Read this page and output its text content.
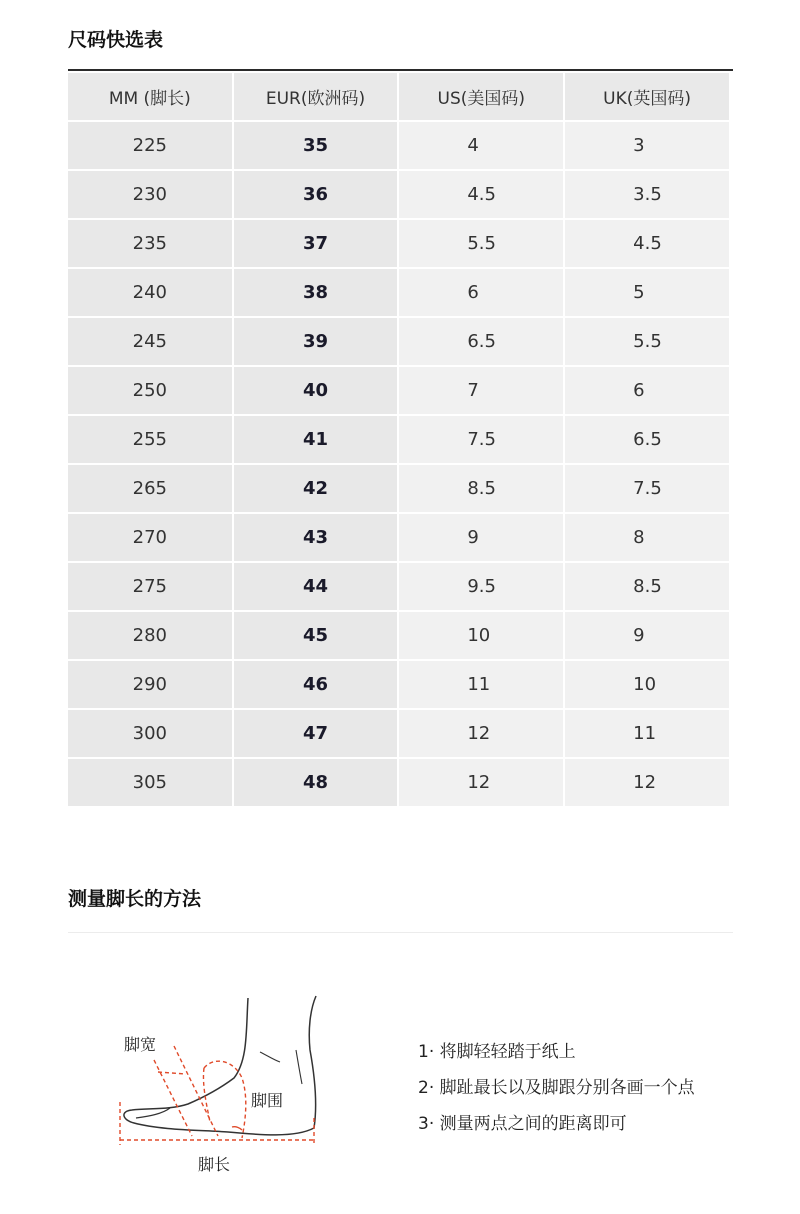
尺码快选表
MM (脚长)	EUR(欧洲码)	US(美国码)	UK(英国码)
225	35	4	3
230	36	4.5	3.5
235	37	5.5	4.5
240	38	6	5
245	39	6.5	5.5
250	40	7	6
255	41	7.5	6.5
265	42	8.5	7.5
270	43	9	8
275	44	9.5	8.5
280	45	10	9
290	46	11	10
300	47	12	11
305	48	12	12
测量脚长的方法
脚宽
脚围
脚长
1· 将脚轻轻踏于纸上
2· 脚趾最长以及脚跟分别各画一个点
3· 测量两点之间的距离即可
